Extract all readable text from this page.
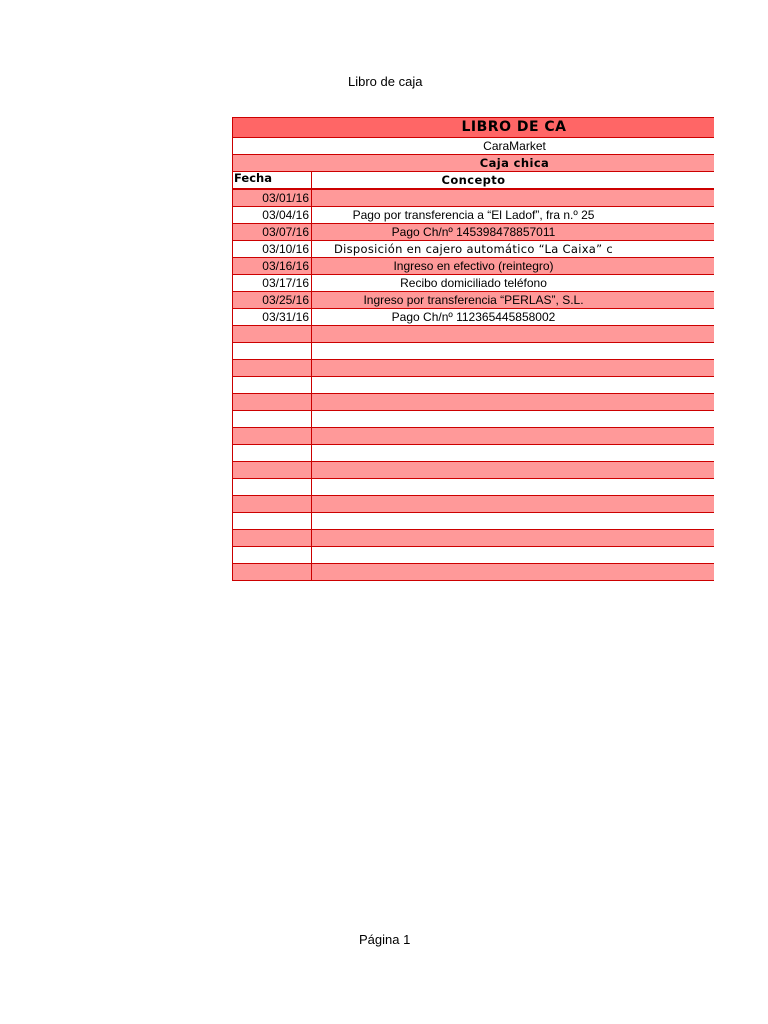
Libro de caja
LIBRO DE CA
CaraMarket
Caja chica
Fecha	Concepto
03/01/16
03/04/16	Pago por transferencia a “El Ladof”, fra n.º 25
03/07/16	Pago Ch/nº 145398478857011
03/10/16	Disposición en cajero automático “La Caixa” c
03/16/16	Ingreso en efectivo (reintegro)
03/17/16	Recibo domiciliado teléfono
03/25/16	Ingreso por transferencia “PERLAS”, S.L.
03/31/16	Pago Ch/nº 112365445858002
Página 1
